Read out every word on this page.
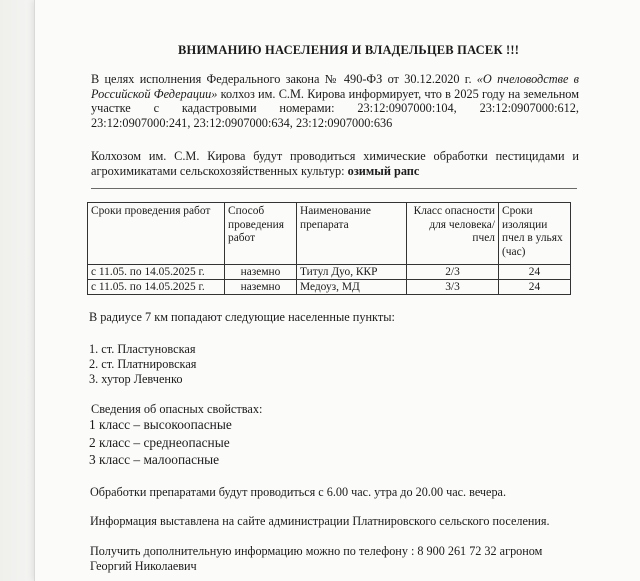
ВНИМАНИЮ НАСЕЛЕНИЯ И ВЛАДЕЛЬЦЕВ ПАСЕК !!!
В целях исполнения Федерального закона № 490-ФЗ от 30.12.2020 г. «О пчеловодстве в Российской Федерации» колхоз им. С.М. Кирова информирует, что в 2025 году на земельном участке с кадастровыми номерами: 23:12:0907000:104, 23:12:0907000:612, 23:12:0907000:241, 23:12:0907000:634, 23:12:0907000:636
Колхозом им. С.М. Кирова будут проводиться химические обработки пестицидами и агрохимикатами сельскохозяйственных культур: озимый рапс
Сроки проведения работ	Способ проведения работ	Наименование препарата	Класс опасности для человека/пчел	Сроки изоляции пчел в ульях (час)
с 11.05. по 14.05.2025 г.	наземно	Титул Дуо, ККР	2/3	24
с 11.05. по 14.05.2025 г.	наземно	Медоуз, МД	3/3	24
В радиусе 7 км попадают следующие населенные пункты:
1. ст. Пластуновская
2. ст. Платнировская
3. хутор Левченко
Сведения об опасных свойствах:
1 класс – высокоопасные
2 класс – среднеопасные
3 класс – малоопасные
Обработки препаратами будут проводиться с 6.00 час. утра до 20.00 час. вечера.
Информация выставлена на сайте администрации Платнировского сельского поселения.
Получить дополнительную информацию можно по телефону : 8 900 261 72 32 агроном Георгий Николаевич
